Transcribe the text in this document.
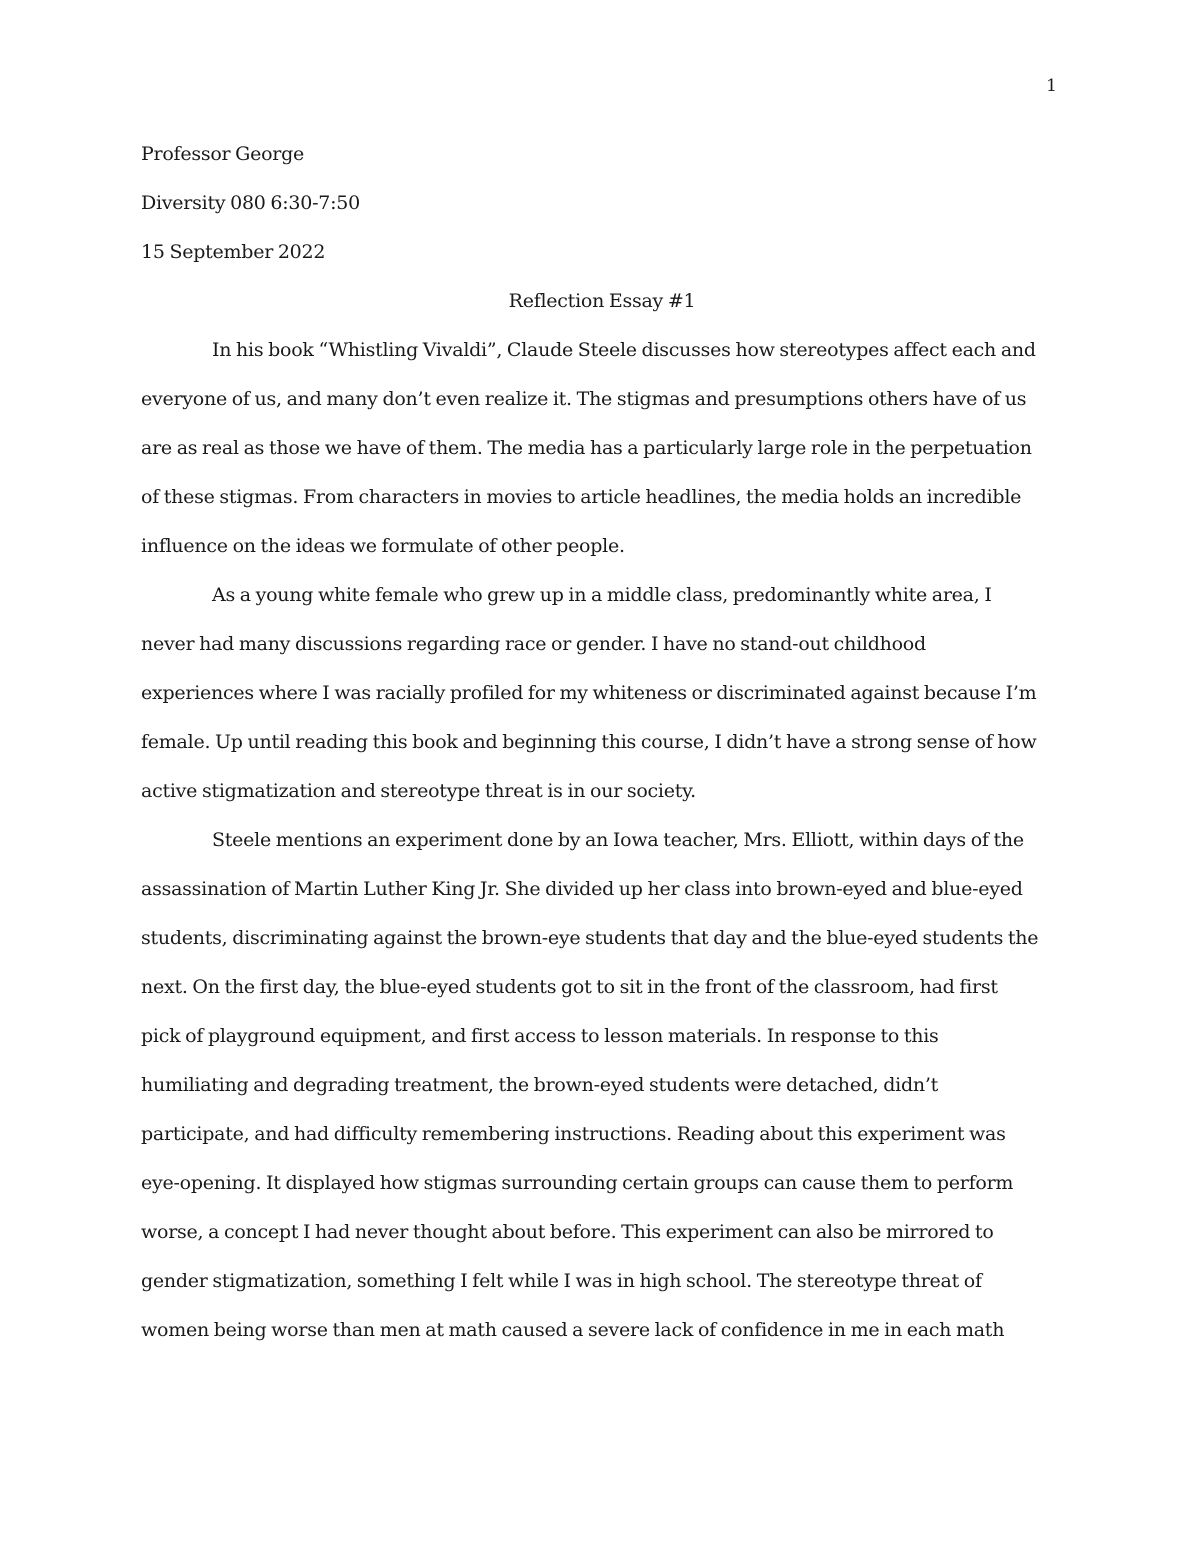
1

Professor George

Diversity 080 6:30-7:50

15 September 2022

Reflection Essay #1

In his book “Whistling Vivaldi”, Claude Steele discusses how stereotypes affect each and

everyone of us, and many don’t even realize it. The stigmas and presumptions others have of us

are as real as those we have of them. The media has a particularly large role in the perpetuation

of these stigmas. From characters in movies to article headlines, the media holds an incredible

influence on the ideas we formulate of other people.

As a young white female who grew up in a middle class, predominantly white area, I

never had many discussions regarding race or gender. I have no stand-out childhood

experiences where I was racially profiled for my whiteness or discriminated against because I’m

female. Up until reading this book and beginning this course, I didn’t have a strong sense of how

active stigmatization and stereotype threat is in our society.

Steele mentions an experiment done by an Iowa teacher, Mrs. Elliott, within days of the

assassination of Martin Luther King Jr. She divided up her class into brown-eyed and blue-eyed

students, discriminating against the brown-eye students that day and the blue-eyed students the

next. On the first day, the blue-eyed students got to sit in the front of the classroom, had first

pick of playground equipment, and first access to lesson materials. In response to this

humiliating and degrading treatment, the brown-eyed students were detached, didn’t

participate, and had difficulty remembering instructions. Reading about this experiment was

eye-opening. It displayed how stigmas surrounding certain groups can cause them to perform

worse, a concept I had never thought about before. This experiment can also be mirrored to

gender stigmatization, something I felt while I was in high school. The stereotype threat of

women being worse than men at math caused a severe lack of confidence in me in each math
